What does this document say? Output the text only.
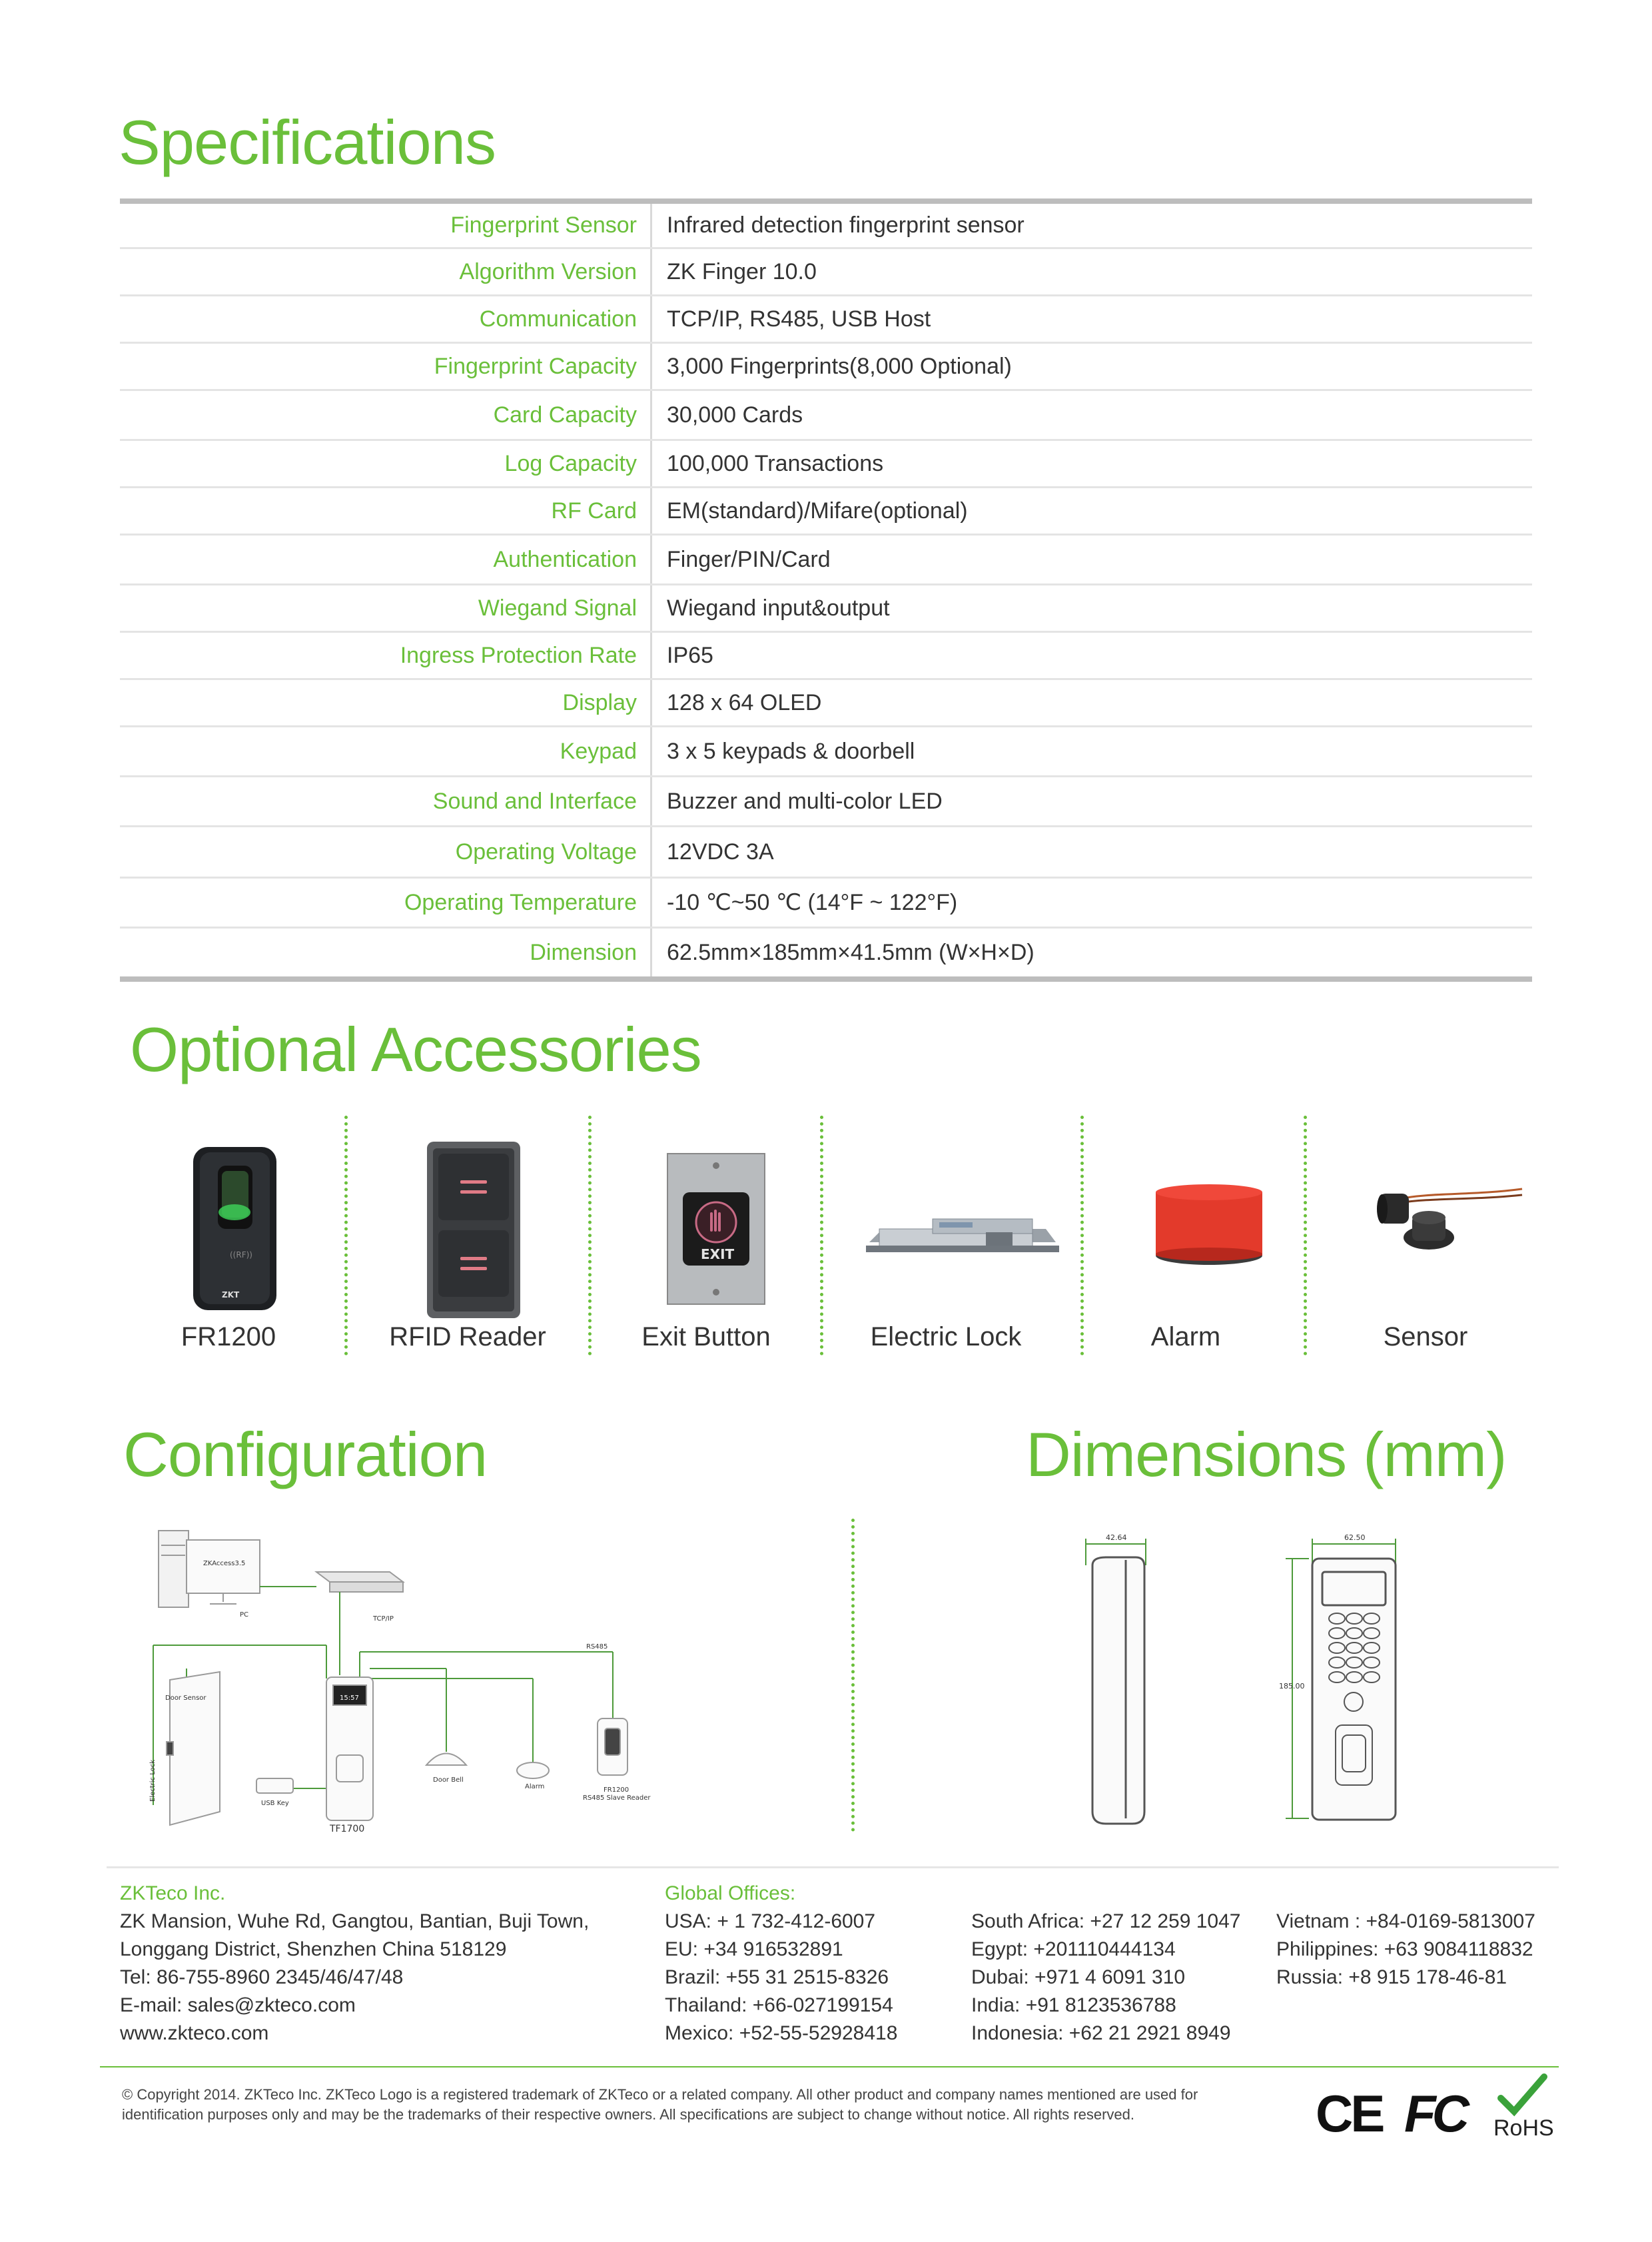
Specifications
Fingerprint Sensor	Infrared detection fingerprint sensor
Algorithm Version	ZK Finger 10.0
Communication	TCP/IP, RS485, USB Host
Fingerprint Capacity	3,000 Fingerprints(8,000 Optional)
Card Capacity	30,000 Cards
Log Capacity	100,000 Transactions
RF Card	EM(standard)/Mifare(optional)
Authentication	Finger/PIN/Card
Wiegand Signal	Wiegand input&output
Ingress Protection Rate	IP65
Display	128 x 64 OLED
Keypad	3 x 5 keypads & doorbell
Sound and Interface	Buzzer and multi-color LED
Operating Voltage	12VDC 3A
Operating Temperature	-10 ℃~50 ℃ (14°F ~ 122°F)
Dimension	62.5mm×185mm×41.5mm (W×H×D)
Optional Accessories
((RF))
ZKT
FR1200	RFID Reader
EXIT
Exit Button	Electric Lock	Alarm	Sensor
Configuration	Dimensions (mm)
ZKAccess3.5
PC
TCP/IP
RS485
Door Sensor
Electric Lock
USB Key
15:57
TF1700
Door Bell
Alarm	FR1200
RS485 Slave Reader
42.64	62.50
185.00
ZKTeco Inc.
ZK Mansion, Wuhe Rd, Gangtou, Bantian, Buji Town,
Longgang District, Shenzhen China 518129
Tel: 86-755-8960 2345/46/47/48
E-mail: sales@zkteco.com
www.zkteco.com
Global Offices:
USA: + 1 732-412-6007
EU: +34 916532891
Brazil: +55 31 2515-8326
Thailand: +66-027199154
Mexico: +52-55-52928418
South Africa: +27 12 259 1047
Egypt: +201110444134
Dubai: +971 4 6091 310
India: +91 8123536788
Indonesia: +62 21 2921 8949
Vietnam : +84-0169-5813007
Philippines: +63 9084118832
Russia: +8 915 178-46-81
© Copyright 2014. ZKTeco Inc. ZKTeco Logo is a registered trademark of ZKTeco or a related company. All other product and company names mentioned are used for
identification purposes only and may be the trademarks of their respective owners. All specifications are subject to change without notice. All rights reserved.	CE FC RoHS
